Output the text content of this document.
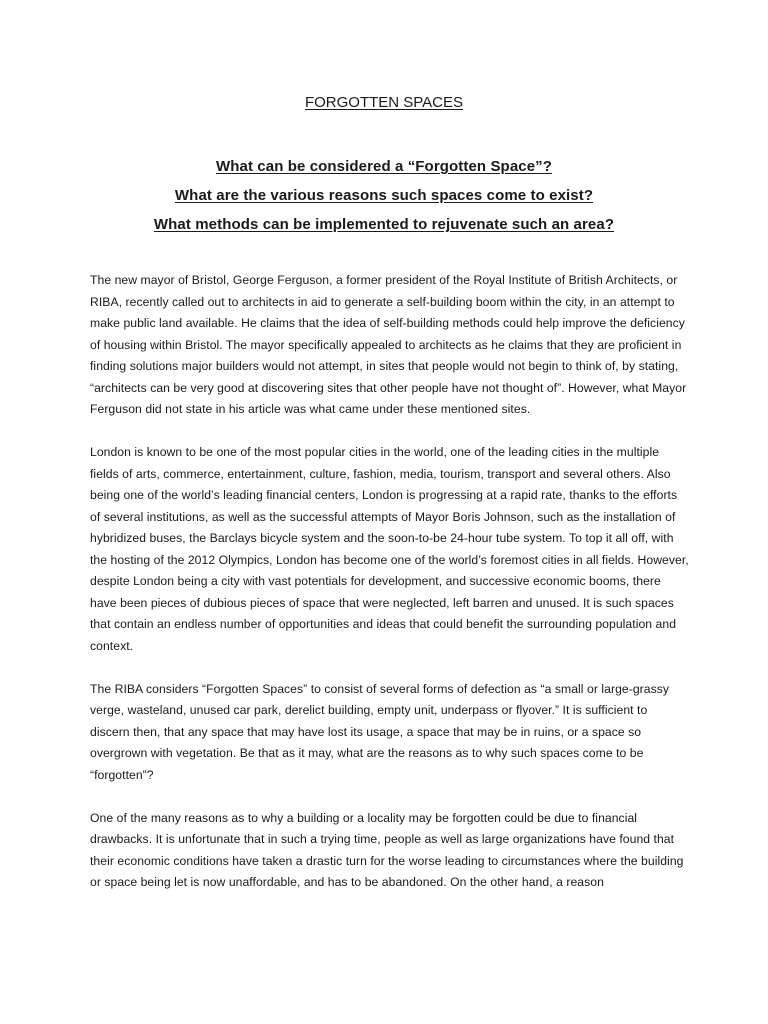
FORGOTTEN SPACES

What can be considered a “Forgotten Space”?

What are the various reasons such spaces come to exist?

What methods can be implemented to rejuvenate such an area?

The new mayor of Bristol, George Ferguson, a former president of the Royal Institute of British Architects, or RIBA, recently called out to architects in aid to generate a self-building boom within the city, in an attempt to make public land available. He claims that the idea of self-building methods could help improve the deficiency of housing within Bristol. The mayor specifically appealed to architects as he claims that they are proficient in finding solutions major builders would not attempt, in sites that people would not begin to think of, by stating, “architects can be very good at discovering sites that other people have not thought of”. However, what Mayor Ferguson did not state in his article was what came under these mentioned sites.

London is known to be one of the most popular cities in the world, one of the leading cities in the multiple fields of arts, commerce, entertainment, culture, fashion, media, tourism, transport and several others. Also being one of the world’s leading financial centers, London is progressing at a rapid rate, thanks to the efforts of several institutions, as well as the successful attempts of Mayor Boris Johnson, such as the installation of hybridized buses, the Barclays bicycle system and the soon-to-be 24-hour tube system. To top it all off, with the hosting of the 2012 Olympics, London has become one of the world’s foremost cities in all fields. However, despite London being a city with vast potentials for development, and successive economic booms, there have been pieces of dubious pieces of space that were neglected, left barren and unused. It is such spaces that contain an endless number of opportunities and ideas that could benefit the surrounding population and context.

The RIBA considers “Forgotten Spaces” to consist of several forms of defection as “a small or large-grassy verge, wasteland, unused car park, derelict building, empty unit, underpass or flyover.” It is sufficient to discern then, that any space that may have lost its usage, a space that may be in ruins, or a space so overgrown with vegetation. Be that as it may, what are the reasons as to why such spaces come to be “forgotten”?

One of the many reasons as to why a building or a locality may be forgotten could be due to financial drawbacks. It is unfortunate that in such a trying time, people as well as large organizations have found that their economic conditions have taken a drastic turn for the worse leading to circumstances where the building or space being let is now unaffordable, and has to be abandoned. On the other hand, a reason
